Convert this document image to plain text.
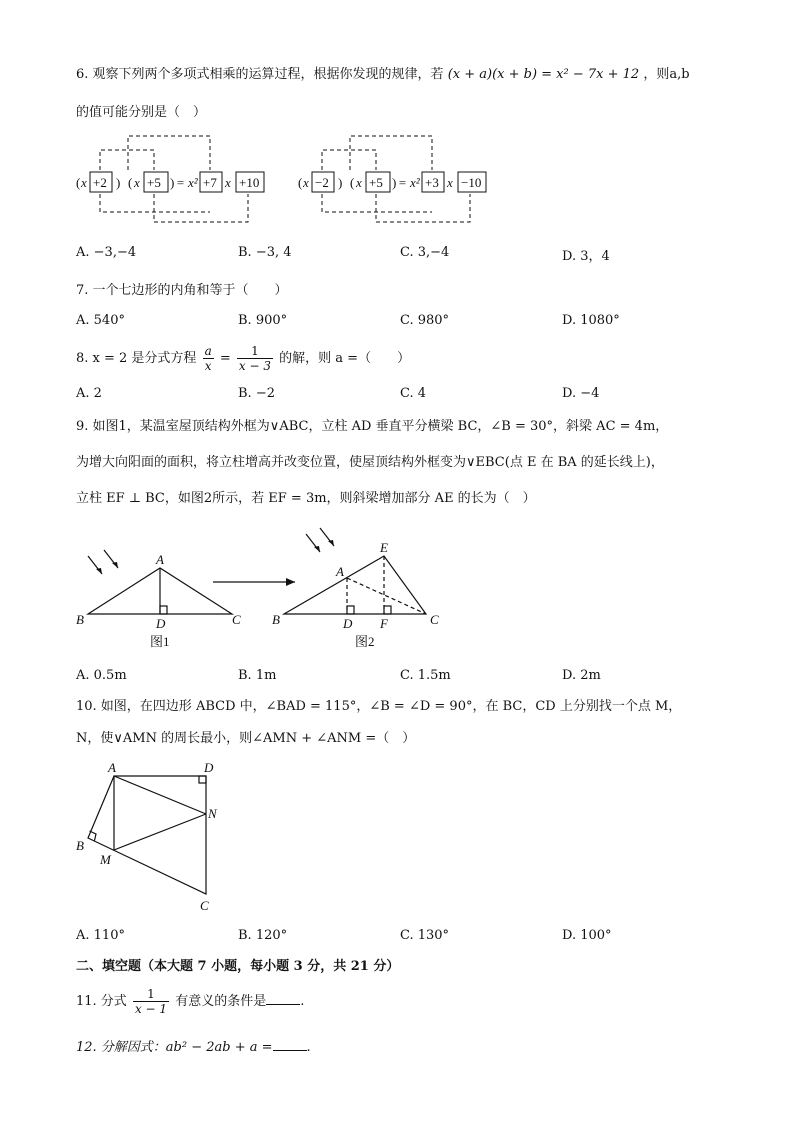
6. 观察下列两个多项式相乘的运算过程，根据你发现的规律，若 (x + a)(x + b) = x² − 7x + 12 ，则a,b
的值可能分别是（　）
( x +2 ) ( x +5 ) = x² +7 x +10	( x −2 ) ( x +5 ) = x² +3 x −10
A. −3,−4	B. −3, 4	C. 3,−4	D. 3，4
7. 一个七边形的内角和等于（　　）
A. 540°	B. 900°	C. 980°	D. 1080°
8. x = 2 是分式方程 $\frac{a}{x} = \frac{1}{x - 3}$ 的解，则 a =（　　）
A. 2	B. −2	C. 4	D. −4
9. 如图1，某温室屋顶结构外框为∨ABC，立柱 AD 垂直平分横梁 BC，∠B = 30°，斜梁 AC = 4m，
为增大向阳面的面积，将立柱增高并改变位置，使屋顶结构外框变为∨EBC(点 E 在 BA 的延长线上)，
立柱 EF ⊥ BC，如图2所示，若 EF = 3m，则斜梁增加部分 AE 的长为（　）
A
B	C
D
A
B	C
D
E
F
图1	图2
A. 0.5m	B. 1m	C. 1.5m	D. 2m
10. 如图，在四边形 ABCD 中，∠BAD = 115°，∠B = ∠D = 90°，在 BC，CD 上分别找一个点 M，
N，使∨AMN 的周长最小，则∠AMN + ∠ANM =（　）
A	D
N
B
M
C
A. 110°	B. 120°	C. 130°	D. 100°
二、填空题（本大题 7 小题，每小题 3 分，共 21 分）
11. 分式 $\frac{1}{x - 1}$ 有意义的条件是	.
12. 分解因式：ab² − 2ab + a =	.
